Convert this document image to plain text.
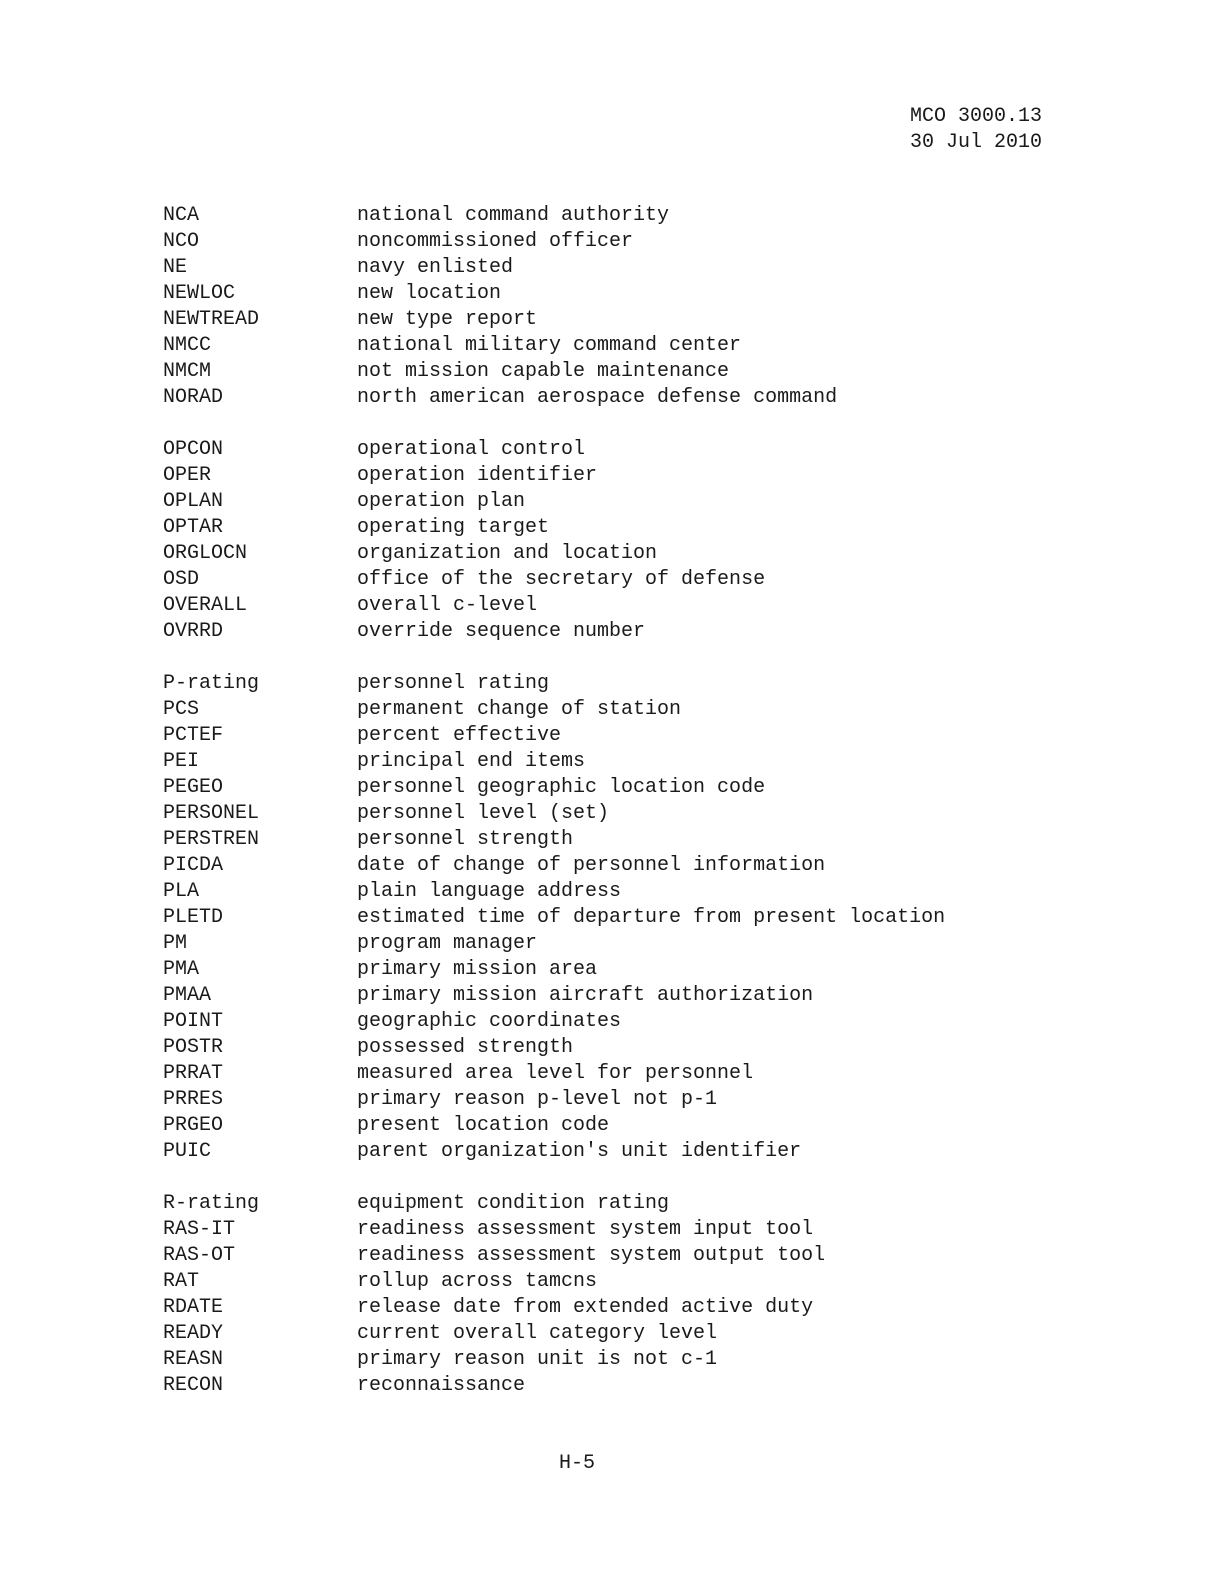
MCO 3000.13
30 Jul 2010
NCA	national command authority
NCO	noncommissioned officer
NE	navy enlisted
NEWLOC	new location
NEWTREAD	new type report
NMCC	national military command center
NMCM	not mission capable maintenance
NORAD	north american aerospace defense command
OPCON	operational control
OPER	operation identifier
OPLAN	operation plan
OPTAR	operating target
ORGLOCN	organization and location
OSD	office of the secretary of defense
OVERALL	overall c-level
OVRRD	override sequence number
P-rating	personnel rating
PCS	permanent change of station
PCTEF	percent effective
PEI	principal end items
PEGEO	personnel geographic location code
PERSONEL	personnel level (set)
PERSTREN	personnel strength
PICDA	date of change of personnel information
PLA	plain language address
PLETD	estimated time of departure from present location
PM	program manager
PMA	primary mission area
PMAA	primary mission aircraft authorization
POINT	geographic coordinates
POSTR	possessed strength
PRRAT	measured area level for personnel
PRRES	primary reason p-level not p-1
PRGEO	present location code
PUIC	parent organization's unit identifier
R-rating	equipment condition rating
RAS-IT	readiness assessment system input tool
RAS-OT	readiness assessment system output tool
RAT	rollup across tamcns
RDATE	release date from extended active duty
READY	current overall category level
REASN	primary reason unit is not c-1
RECON	reconnaissance
H-5
